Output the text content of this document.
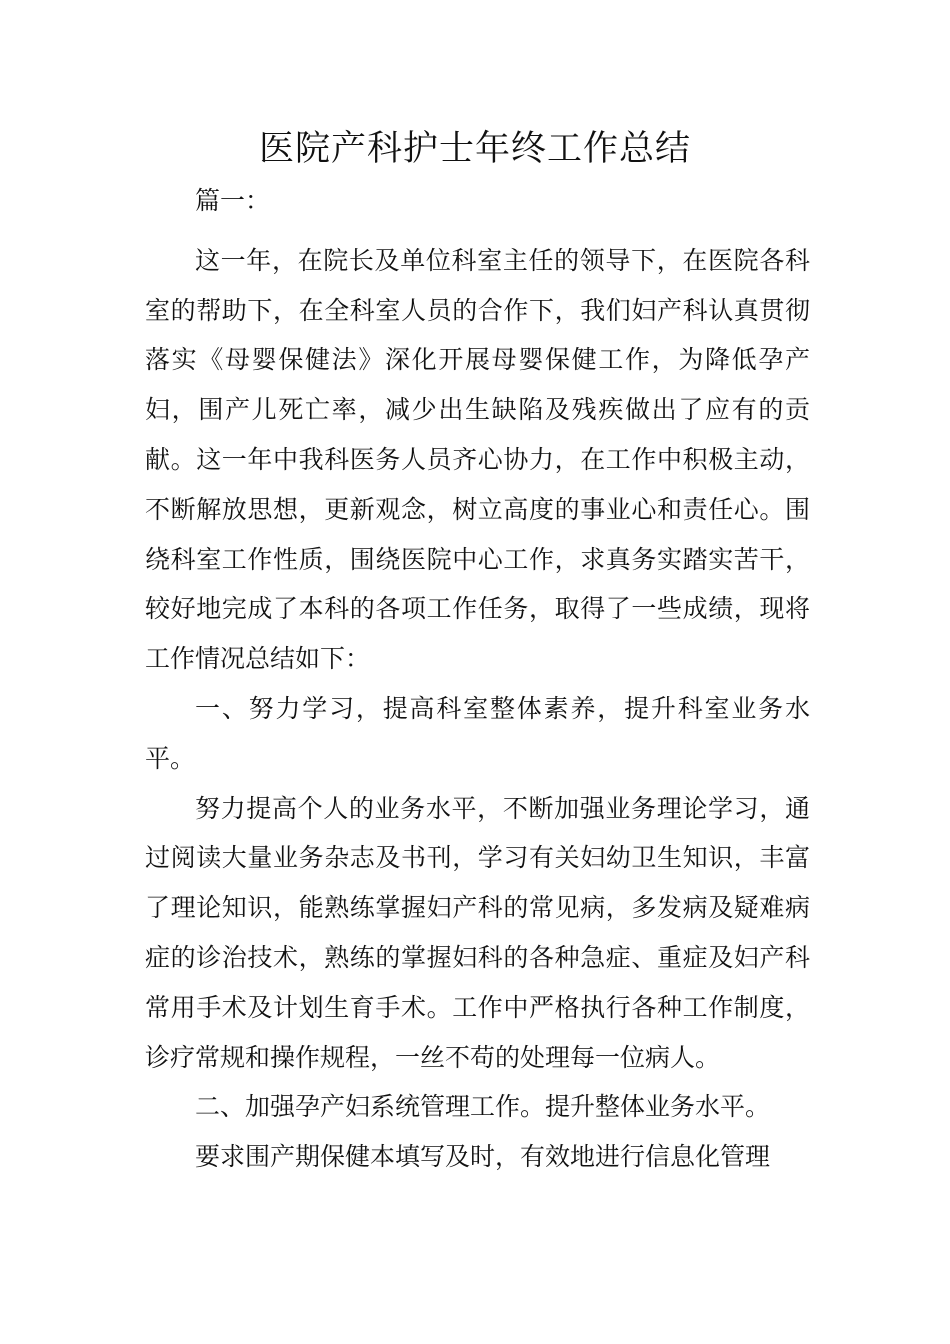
医院产科护士年终工作总结

篇一：

这一年，在院长及单位科室主任的领导下，在医院各科室的帮助下，在全科室人员的合作下，我们妇产科认真贯彻落实《母婴保健法》深化开展母婴保健工作，为降低孕产妇，围产儿死亡率，减少出生缺陷及残疾做出了应有的贡献。这一年中我科医务人员齐心协力，在工作中积极主动，不断解放思想，更新观念，树立高度的事业心和责任心。围绕科室工作性质，围绕医院中心工作，求真务实踏实苦干，较好地完成了本科的各项工作任务，取得了一些成绩，现将工作情况总结如下：

一、努力学习，提高科室整体素养，提升科室业务水平。

努力提高个人的业务水平，不断加强业务理论学习，通过阅读大量业务杂志及书刊，学习有关妇幼卫生知识，丰富了理论知识，能熟练掌握妇产科的常见病，多发病及疑难病症的诊治技术，熟练的掌握妇科的各种急症、重症及妇产科常用手术及计划生育手术。工作中严格执行各种工作制度，诊疗常规和操作规程，一丝不苟的处理每一位病人。

二、加强孕产妇系统管理工作。提升整体业务水平。

要求围产期保健本填写及时，有效地进行信息化管理
